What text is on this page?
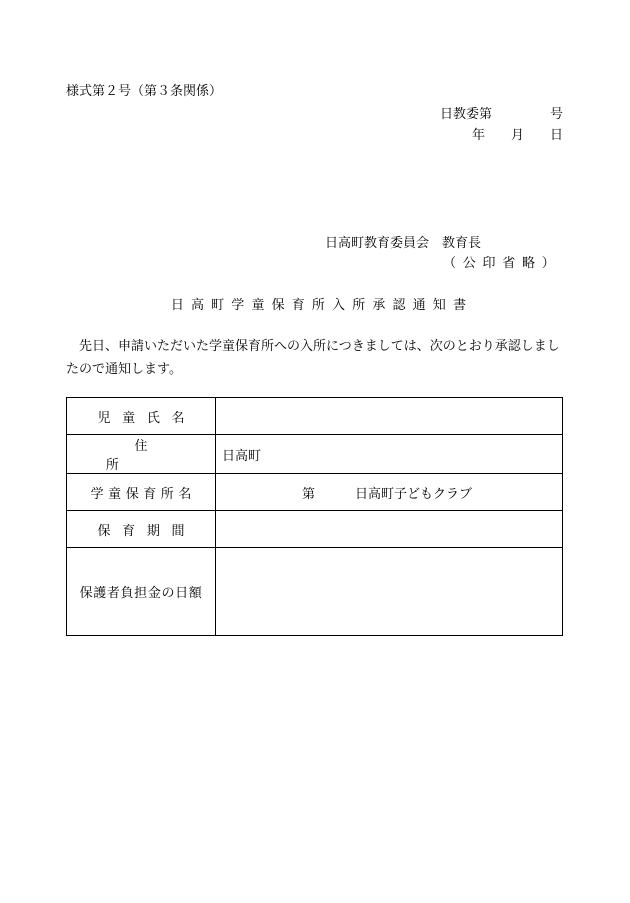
様式第２号（第３条関係）
日教委第	号
年 月 日
日高町教育委員会 教育長
（ 公 印 省 略 ）
日高町学童保育所入所承認通知書
先日、申請いただいた学童保育所への入所につきましては、次のとおり承認しましたので通知します。
児童氏名	
住所	日高町
学童保育所名	第 日高町子どもクラブ
保育期間	
保護者負担金の日額	
